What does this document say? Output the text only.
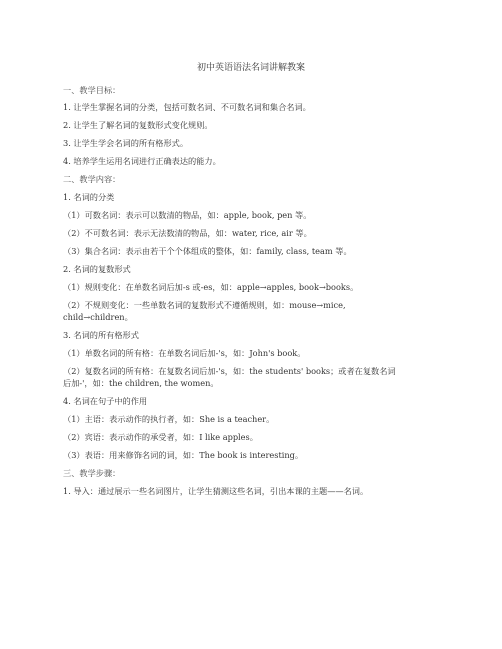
初中英语语法名词讲解教案
一、教学目标：
1. 让学生掌握名词的分类，包括可数名词、不可数名词和集合名词。
2. 让学生了解名词的复数形式变化规则。
3. 让学生学会名词的所有格形式。
4. 培养学生运用名词进行正确表达的能力。
二、教学内容：
1. 名词的分类
（1）可数名词：表示可以数清的物品，如：apple, book, pen 等。
（2）不可数名词：表示无法数清的物品，如：water, rice, air 等。
（3）集合名词：表示由若干个个体组成的整体，如：family, class, team 等。
2. 名词的复数形式
（1）规则变化：在单数名词后加-s 或-es，如：apple→apples, book→books。
（2）不规则变化：一些单数名词的复数形式不遵循规则，如：mouse→mice,
child→children。
3. 名词的所有格形式
（1）单数名词的所有格：在单数名词后加-'s，如：John's book。
（2）复数名词的所有格：在复数名词后加-'s，如：the students' books；或者在复数名词
后加-'，如：the children, the women。
4. 名词在句子中的作用
（1）主语：表示动作的执行者，如：She is a teacher。
（2）宾语：表示动作的承受者，如：I like apples。
（3）表语：用来修饰名词的词，如：The book is interesting。
三、教学步骤：
1. 导入：通过展示一些名词图片，让学生猜测这些名词，引出本课的主题——名词。
